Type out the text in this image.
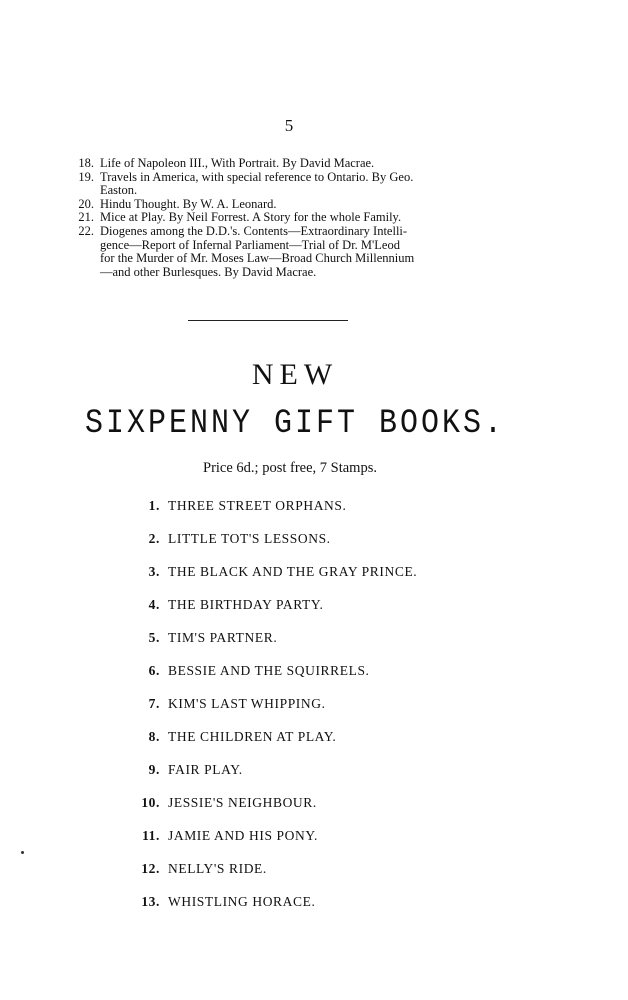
5
18. Life of Napoleon III., With Portrait. By David Macrae.
19. Travels in America, with special reference to Ontario. By Geo.
Easton.
20. Hindu Thought. By W. A. Leonard.
21. Mice at Play. By Neil Forrest. A Story for the whole Family.
22. Diogenes among the D.D.'s. Contents—Extraordinary Intelli-
gence—Report of Infernal Parliament—Trial of Dr. M'Leod
for the Murder of Mr. Moses Law—Broad Church Millennium
—and other Burlesques. By David Macrae.
NEW
SIXPENNY GIFT BOOKS.
Price 6d.; post free, 7 Stamps.
1. THREE STREET ORPHANS.
2. LITTLE TOT'S LESSONS.
3. THE BLACK AND THE GRAY PRINCE.
4. THE BIRTHDAY PARTY.
5. TIM'S PARTNER.
6. BESSIE AND THE SQUIRRELS.
7. KIM'S LAST WHIPPING.
8. THE CHILDREN AT PLAY.
9. FAIR PLAY.
10. JESSIE'S NEIGHBOUR.
11. JAMIE AND HIS PONY.
12. NELLY'S RIDE.
13. WHISTLING HORACE.
